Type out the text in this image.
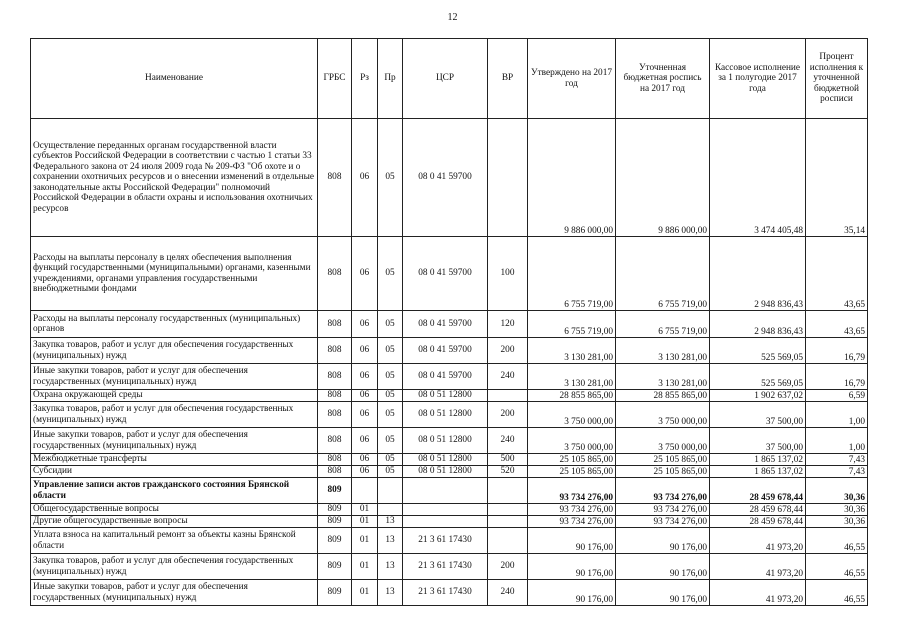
12
Наименование	ГРБС	Рз	Пр	ЦСР	ВР	Утверждено на 2017 год	Уточненная бюджетная роспись на 2017 год	Кассовое исполнение за 1 полугодие 2017 года	Процент исполнения к уточненной бюджетной росписи
Осуществление переданных органам государственной власти субъектов Российской Федерации в соответствии с частью 1 статьи 33 Федерального закона от 24 июля 2009 года № 209-ФЗ "Об охоте и о сохранении охотничьих ресурсов и о внесении изменений в отдельные законодательные акты Российской Федерации" полномочий Российской Федерации в области охраны и использования охотничьих ресурсов	808	06	05	08 0 41 59700		9 886 000,00	9 886 000,00	3 474 405,48	35,14
Расходы на выплаты персоналу в целях обеспечения выполнения функций государственными (муниципальными) органами, казенными учреждениями, органами управления государственными внебюджетными фондами	808	06	05	08 0 41 59700	100	6 755 719,00	6 755 719,00	2 948 836,43	43,65
Расходы на выплаты персоналу государственных (муниципальных) органов	808	06	05	08 0 41 59700	120	6 755 719,00	6 755 719,00	2 948 836,43	43,65
Закупка товаров, работ и услуг для обеспечения государственных (муниципальных) нужд	808	06	05	08 0 41 59700	200	3 130 281,00	3 130 281,00	525 569,05	16,79
Иные закупки товаров, работ и услуг для обеспечения государственных (муниципальных) нужд	808	06	05	08 0 41 59700	240	3 130 281,00	3 130 281,00	525 569,05	16,79
Охрана окружающей среды	808	06	05	08 0 51 12800		28 855 865,00	28 855 865,00	1 902 637,02	6,59
Закупка товаров, работ и услуг для обеспечения государственных (муниципальных) нужд	808	06	05	08 0 51 12800	200	3 750 000,00	3 750 000,00	37 500,00	1,00
Иные закупки товаров, работ и услуг для обеспечения государственных (муниципальных) нужд	808	06	05	08 0 51 12800	240	3 750 000,00	3 750 000,00	37 500,00	1,00
Межбюджетные трансферты	808	06	05	08 0 51 12800	500	25 105 865,00	25 105 865,00	1 865 137,02	7,43
Субсидии	808	06	05	08 0 51 12800	520	25 105 865,00	25 105 865,00	1 865 137,02	7,43
Управление записи актов гражданского состояния Брянской области	809					93 734 276,00	93 734 276,00	28 459 678,44	30,36
Общегосударственные вопросы	809	01				93 734 276,00	93 734 276,00	28 459 678,44	30,36
Другие общегосударственные вопросы	809	01	13			93 734 276,00	93 734 276,00	28 459 678,44	30,36
Уплата взноса на капитальный ремонт за объекты казны Брянской области	809	01	13	21 3 61 17430		90 176,00	90 176,00	41 973,20	46,55
Закупка товаров, работ и услуг для обеспечения государственных (муниципальных) нужд	809	01	13	21 3 61 17430	200	90 176,00	90 176,00	41 973,20	46,55
Иные закупки товаров, работ и услуг для обеспечения государственных (муниципальных) нужд	809	01	13	21 3 61 17430	240	90 176,00	90 176,00	41 973,20	46,55
